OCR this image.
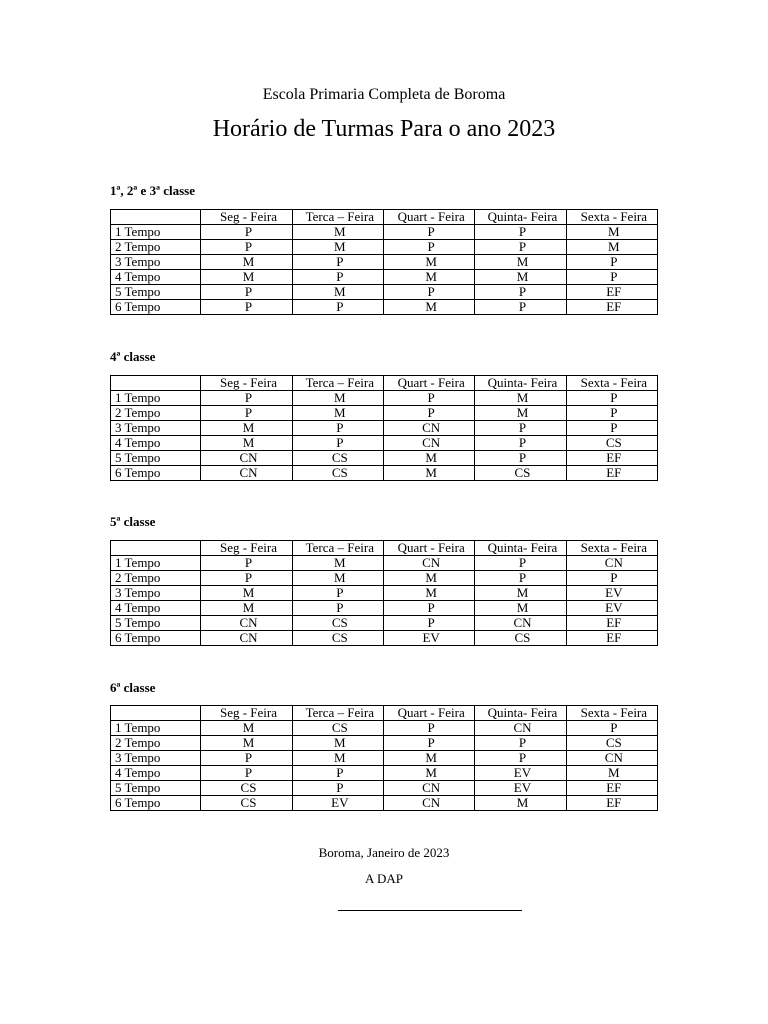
Escola Primaria Completa de Boroma
Horário de Turmas Para o ano 2023
1ª, 2ª e 3ª classe
	Seg - Feira	Terca – Feira	Quart - Feira	Quinta- Feira	Sexta - Feira
1 Tempo	P	M	P	P	M
2 Tempo	P	M	P	P	M
3 Tempo	M	P	M	M	P
4 Tempo	M	P	M	M	P
5 Tempo	P	M	P	P	EF
6 Tempo	P	P	M	P	EF
4ª classe
	Seg - Feira	Terca – Feira	Quart - Feira	Quinta- Feira	Sexta - Feira
1 Tempo	P	M	P	M	P
2 Tempo	P	M	P	M	P
3 Tempo	M	P	CN	P	P
4 Tempo	M	P	CN	P	CS
5 Tempo	CN	CS	M	P	EF
6 Tempo	CN	CS	M	CS	EF
5ª classe
	Seg - Feira	Terca – Feira	Quart - Feira	Quinta- Feira	Sexta - Feira
1 Tempo	P	M	CN	P	CN
2 Tempo	P	M	M	P	P
3 Tempo	M	P	M	M	EV
4 Tempo	M	P	P	M	EV
5 Tempo	CN	CS	P	CN	EF
6 Tempo	CN	CS	EV	CS	EF
6ª classe
	Seg - Feira	Terca – Feira	Quart - Feira	Quinta- Feira	Sexta - Feira
1 Tempo	M	CS	P	CN	P
2 Tempo	M	M	P	P	CS
3 Tempo	P	M	M	P	CN
4 Tempo	P	P	M	EV	M
5 Tempo	CS	P	CN	EV	EF
6 Tempo	CS	EV	CN	M	EF
Boroma, Janeiro de 2023
A DAP
